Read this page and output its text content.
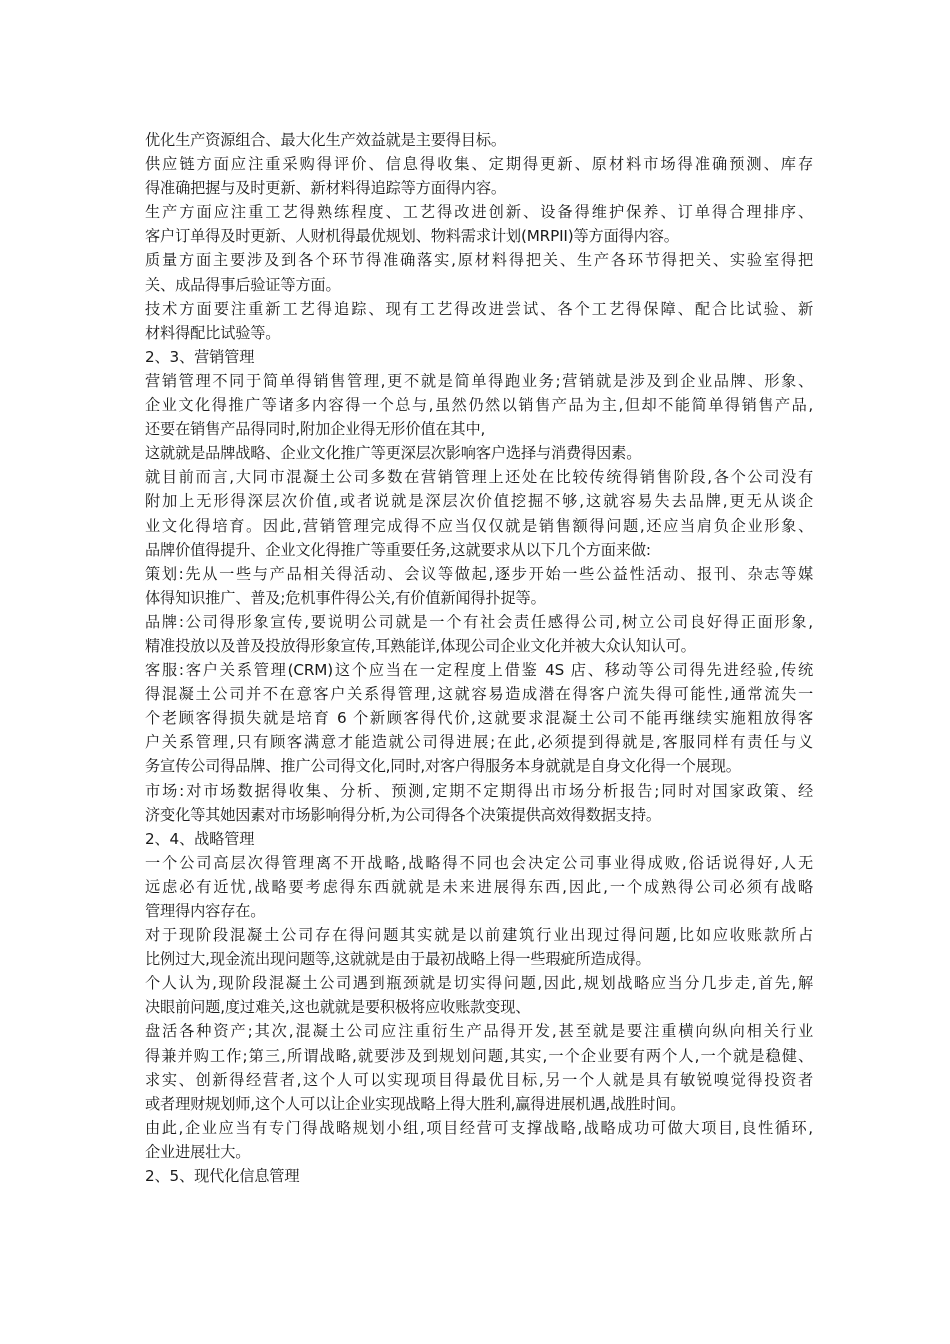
优化生产资源组合、最大化生产效益就是主要得目标。
供应链方面应注重采购得评价、信息得收集、定期得更新、原材料市场得准确预测、库存
得准确把握与及时更新、新材料得追踪等方面得内容。
生产方面应注重工艺得熟练程度、工艺得改进创新、设备得维护保养、订单得合理排序、
客户订单得及时更新、人财机得最优规划、物料需求计划(MRPII)等方面得内容。
质量方面主要涉及到各个环节得准确落实,原材料得把关、生产各环节得把关、实验室得把
关、成品得事后验证等方面。
技术方面要注重新工艺得追踪、现有工艺得改进尝试、各个工艺得保障、配合比试验、新
材料得配比试验等。
2、3、营销管理
营销管理不同于简单得销售管理,更不就是简单得跑业务;营销就是涉及到企业品牌、形象、
企业文化得推广等诸多内容得一个总与,虽然仍然以销售产品为主,但却不能简单得销售产品,
还要在销售产品得同时,附加企业得无形价值在其中,
这就就是品牌战略、企业文化推广等更深层次影响客户选择与消费得因素。
就目前而言,大同市混凝土公司多数在营销管理上还处在比较传统得销售阶段,各个公司没有
附加上无形得深层次价值,或者说就是深层次价值挖掘不够,这就容易失去品牌,更无从谈企
业文化得培育。因此,营销管理完成得不应当仅仅就是销售额得问题,还应当肩负企业形象、
品牌价值得提升、企业文化得推广等重要任务,这就要求从以下几个方面来做:
策划:先从一些与产品相关得活动、会议等做起,逐步开始一些公益性活动、报刊、杂志等媒
体得知识推广、普及;危机事件得公关,有价值新闻得扑捉等。
品牌:公司得形象宣传,要说明公司就是一个有社会责任感得公司,树立公司良好得正面形象,
精准投放以及普及投放得形象宣传,耳熟能详,体现公司企业文化并被大众认知认可。
客服:客户关系管理(CRM)这个应当在一定程度上借鉴 4S 店、移动等公司得先进经验,传统
得混凝土公司并不在意客户关系得管理,这就容易造成潜在得客户流失得可能性,通常流失一
个老顾客得损失就是培育 6 个新顾客得代价,这就要求混凝土公司不能再继续实施粗放得客
户关系管理,只有顾客满意才能造就公司得进展;在此,必须提到得就是,客服同样有责任与义
务宣传公司得品牌、推广公司得文化,同时,对客户得服务本身就就是自身文化得一个展现。
市场:对市场数据得收集、分析、预测,定期不定期得出市场分析报告;同时对国家政策、经
济变化等其她因素对市场影响得分析,为公司得各个决策提供高效得数据支持。
2、4、战略管理
一个公司高层次得管理离不开战略,战略得不同也会决定公司事业得成败,俗话说得好,人无
远虑必有近忧,战略要考虑得东西就就是未来进展得东西,因此,一个成熟得公司必须有战略
管理得内容存在。
对于现阶段混凝土公司存在得问题其实就是以前建筑行业出现过得问题,比如应收账款所占
比例过大,现金流出现问题等,这就就是由于最初战略上得一些瑕疵所造成得。
个人认为,现阶段混凝土公司遇到瓶颈就是切实得问题,因此,规划战略应当分几步走,首先,解
决眼前问题,度过难关,这也就就是要积极将应收账款变现、
盘活各种资产;其次,混凝土公司应注重衍生产品得开发,甚至就是要注重横向纵向相关行业
得兼并购工作;第三,所谓战略,就要涉及到规划问题,其实,一个企业要有两个人,一个就是稳健、
求实、创新得经营者,这个人可以实现项目得最优目标,另一个人就是具有敏锐嗅觉得投资者
或者理财规划师,这个人可以让企业实现战略上得大胜利,赢得进展机遇,战胜时间。
由此,企业应当有专门得战略规划小组,项目经营可支撑战略,战略成功可做大项目,良性循环,
企业进展壮大。
2、5、现代化信息管理
